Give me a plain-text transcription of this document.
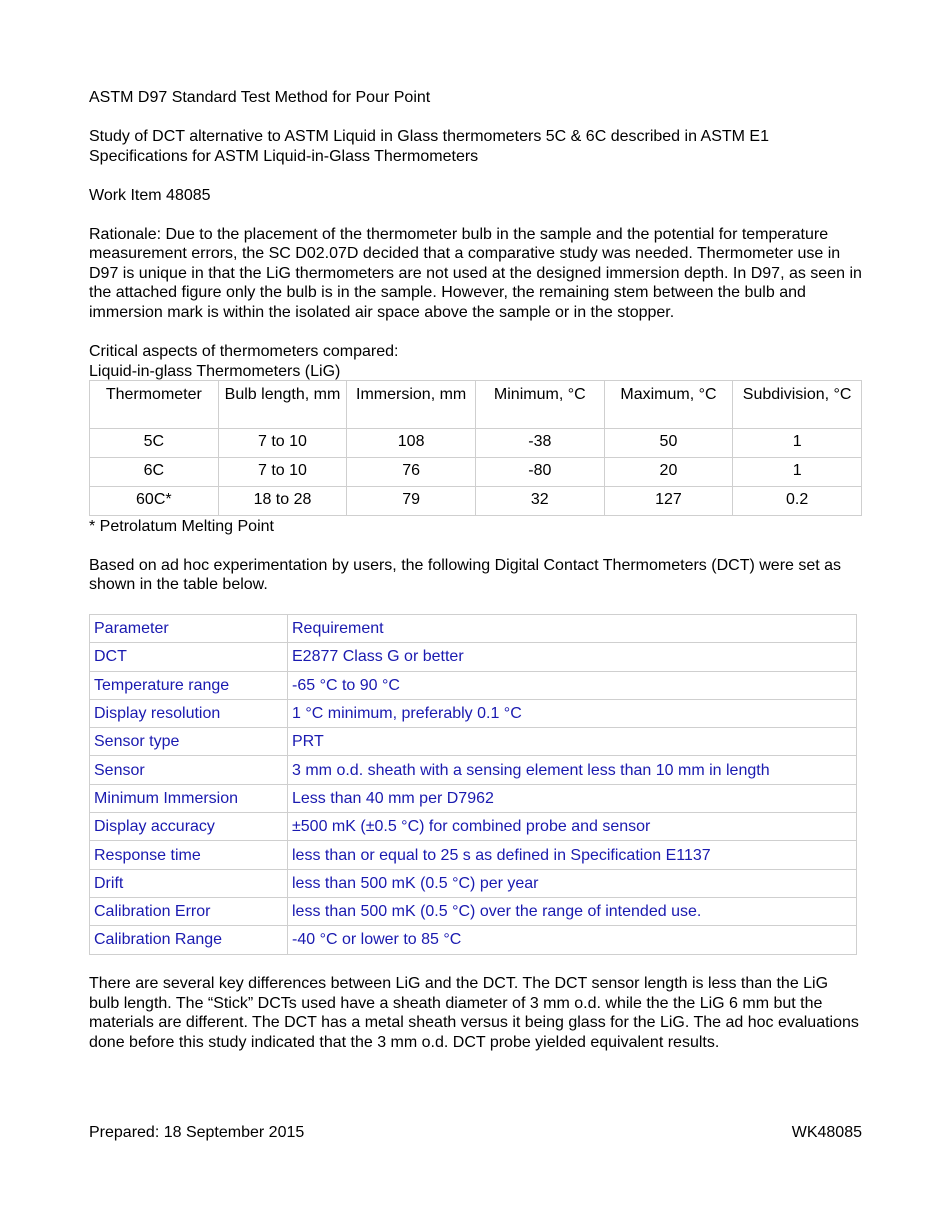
ASTM D97 Standard Test Method for Pour Point

Study of DCT alternative to ASTM Liquid in Glass thermometers 5C & 6C described in ASTM E1 Specifications for ASTM Liquid-in-Glass Thermometers

Work Item 48085

Rationale: Due to the placement of the thermometer bulb in the sample and the potential for temperature measurement errors, the SC D02.07D decided that a comparative study was needed. Thermometer use in D97 is unique in that the LiG thermometers are not used at the designed immersion depth. In D97, as seen in the attached figure only the bulb is in the sample. However, the remaining stem between the bulb and immersion mark is within the isolated air space above the sample or in the stopper.

Critical aspects of thermometers compared:

Liquid-in-glass Thermometers (LiG)

Thermometer	Bulb length, mm	Immersion, mm	Minimum, °C	Maximum, °C	Subdivision, °C
5C	7 to 10	108	-38	50	1
6C	7 to 10	76	-80	20	1
60C*	18 to 28	79	32	127	0.2

* Petrolatum Melting Point

Based on ad hoc experimentation by users, the following Digital Contact Thermometers (DCT) were set as shown in the table below.

Parameter	Requirement
DCT	E2877 Class G or better
Temperature range	-65 °C to 90 °C
Display resolution	1 °C minimum, preferably 0.1 °C
Sensor type	PRT
Sensor	3 mm o.d. sheath with a sensing element less than 10 mm in length
Minimum Immersion	Less than 40 mm per D7962
Display accuracy	±500 mK (±0.5 °C) for combined probe and sensor
Response time	less than or equal to 25 s as defined in Specification E1137
Drift	less than 500 mK (0.5 °C) per year
Calibration Error	less than 500 mK (0.5 °C) over the range of intended use.
Calibration Range	-40 °C or lower to 85 °C

There are several key differences between LiG and the DCT. The DCT sensor length is less than the LiG bulb length. The “Stick” DCTs used have a sheath diameter of 3 mm o.d. while the the LiG 6 mm but the materials are different. The DCT has a metal sheath versus it being glass for the LiG. The ad hoc evaluations done before this study indicated that the 3 mm o.d. DCT probe yielded equivalent results.

Prepared: 18 September 2015	WK48085
